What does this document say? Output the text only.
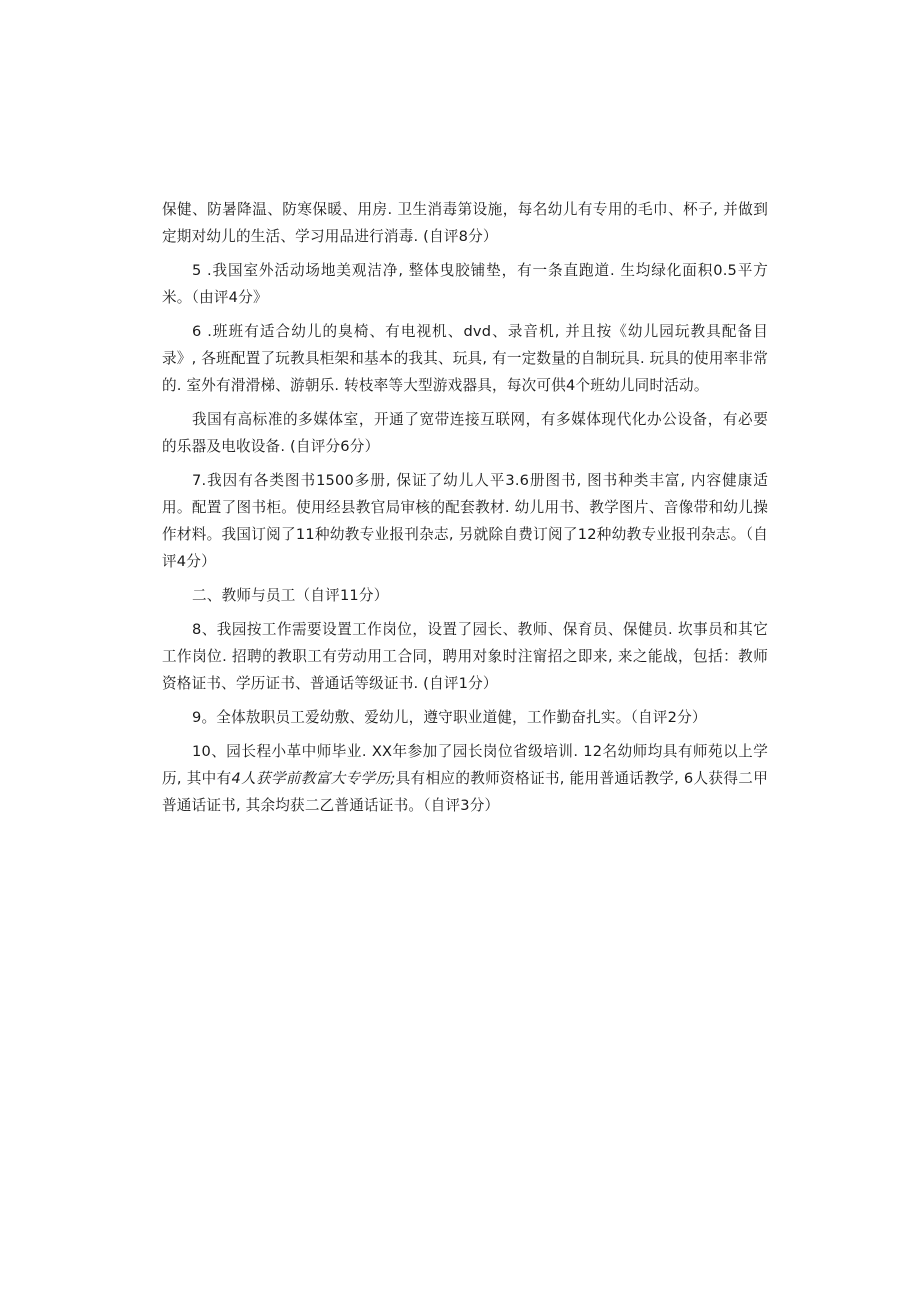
保健、防暑降温、防寒保暖、用房. 卫生消毒第设施，每名幼儿有专用的毛巾、杯子, 并做到定期对幼儿的生活、学习用品进行消毒. (自评8分）

5 .我国室外活动场地美观洁净, 整体曳胶铺垫，有一条直跑道. 生均绿化面积0.5平方米。（由评4分》

6 .班班有适合幼儿的臭椅、有电视机、dvd、录音机, 并且按《幼儿园玩教具配备目录》, 各班配置了玩教具柜架和基本的我其、玩具, 有一定数量的自制玩具. 玩具的使用率非常的. 室外有滑滑梯、游朝乐. 转枝率等大型游戏器具，每次可供4个班幼儿同时活动。

我国有高标准的多媒体室，开通了宽带连接互联网，有多媒体现代化办公设备，有必要的乐器及电收设备. (自评分6分）

7.我因有各类图书1500多册, 保证了幼儿人平3.6册图书, 图书种类丰富, 内容健康适用。配置了图书柜。使用经县教官局审核的配套教材. 幼儿用书、教学图片、音像带和幼儿操作材料。我国订阅了11种幼教专业报刊杂志, 另就除自费订阅了12种幼教专业报刊杂志。（自评4分）

二、教师与员工（自评11分）

8、我园按工作需要设置工作岗位，设置了园长、教师、保育员、保健员. 坎事员和其它工作岗位. 招聘的教职工有劳动用工合同，聘用对象时注甯招之即来, 来之能战，包括：教师资格证书、学历证书、普通话等级证书. (自评1分）

9。全体敖职员工爱幼敷、爱幼儿，遵守职业道健，工作勤奋扎实。（自评2分）

10、园长程小革中师毕业. XX年参加了园长岗位省级培训. 12名幼师均具有师苑以上学历, 其中有4人获学前教富大专学历;具有相应的教师资格证书, 能用普通话教学, 6人获得二甲普通话证书, 其余均获二乙普通话证书。（自评3分）
